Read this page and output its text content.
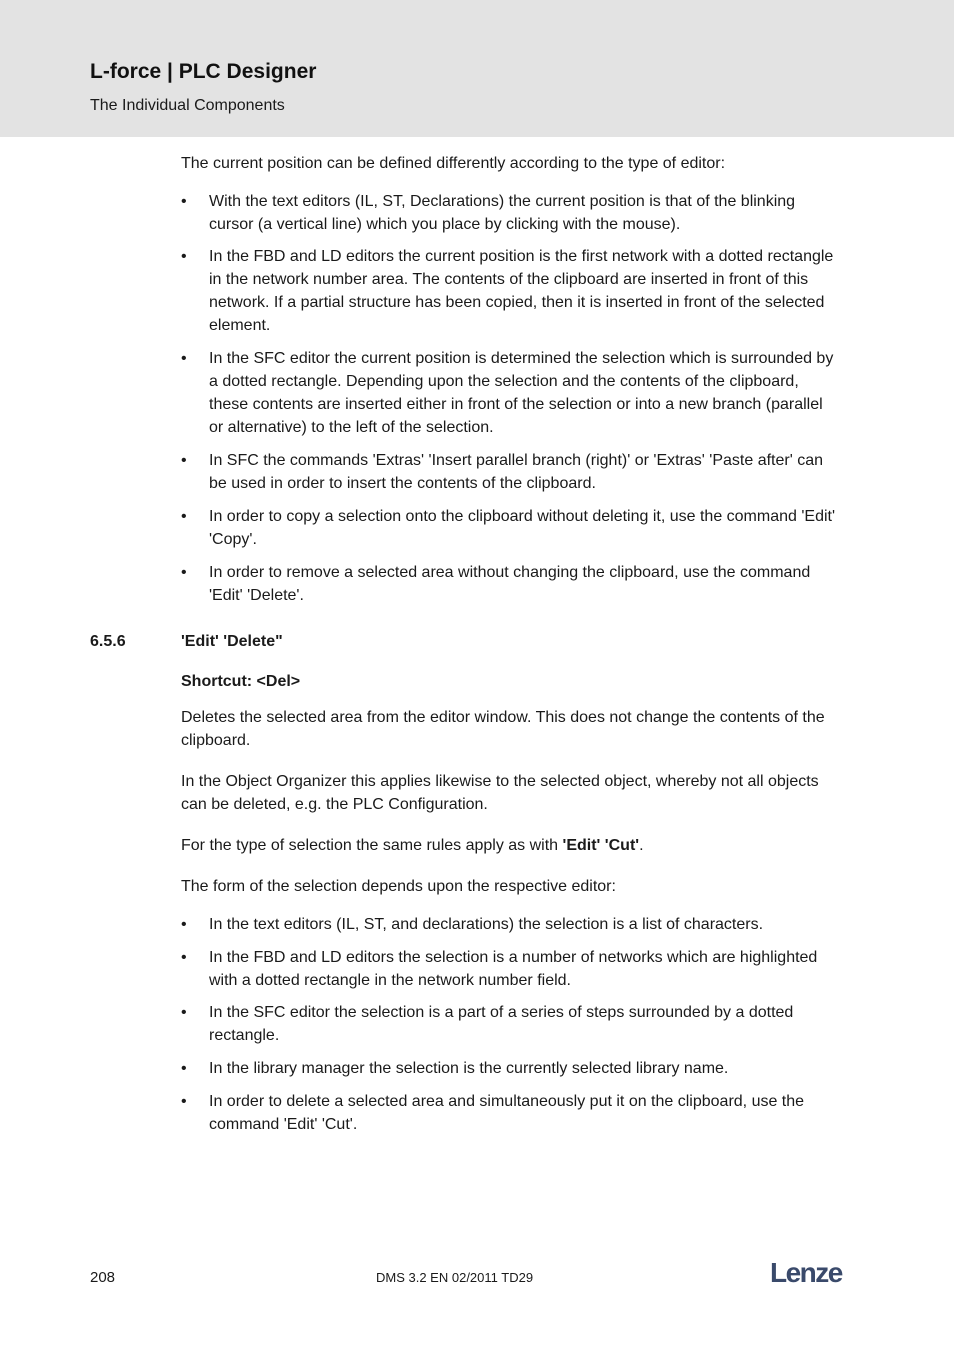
L-force | PLC Designer
The Individual Components

The current position can be defined differently according to the type of editor:

• With the text editors (IL, ST, Declarations) the current position is that of the blinking cursor (a vertical line) which you place by clicking with the mouse).
• In the FBD and LD editors the current position is the first network with a dotted rectangle in the network number area. The contents of the clipboard are inserted in front of this network. If a partial structure has been copied, then it is inserted in front of the selected element.
• In the SFC editor the current position is determined the selection which is surrounded by a dotted rectangle. Depending upon the selection and the contents of the clipboard, these contents are inserted either in front of the selection or into a new branch (parallel or alternative) to the left of the selection.
• In SFC the commands 'Extras' 'Insert parallel branch (right)' or 'Extras' 'Paste after' can be used in order to insert the contents of the clipboard.
• In order to copy a selection onto the clipboard without deleting it, use the command 'Edit' 'Copy'.
• In order to remove a selected area without changing the clipboard, use the command 'Edit' 'Delete'.
6.5.6	'Edit' 'Delete"

Shortcut: <Del>

Deletes the selected area from the editor window. This does not change the contents of the clipboard.

In the Object Organizer this applies likewise to the selected object, whereby not all objects can be deleted, e.g. the PLC Configuration.

For the type of selection the same rules apply as with 'Edit' 'Cut'.

The form of the selection depends upon the respective editor:

• In the text editors (IL, ST, and declarations) the selection is a list of characters.
• In the FBD and LD editors the selection is a number of networks which are highlighted with a dotted rectangle in the network number field.
• In the SFC editor the selection is a part of a series of steps surrounded by a dotted rectangle.
• In the library manager the selection is the currently selected library name.
• In order to delete a selected area and simultaneously put it on the clipboard, use the command 'Edit' 'Cut'.
208	DMS 3.2 EN 02/2011 TD29	Lenze
